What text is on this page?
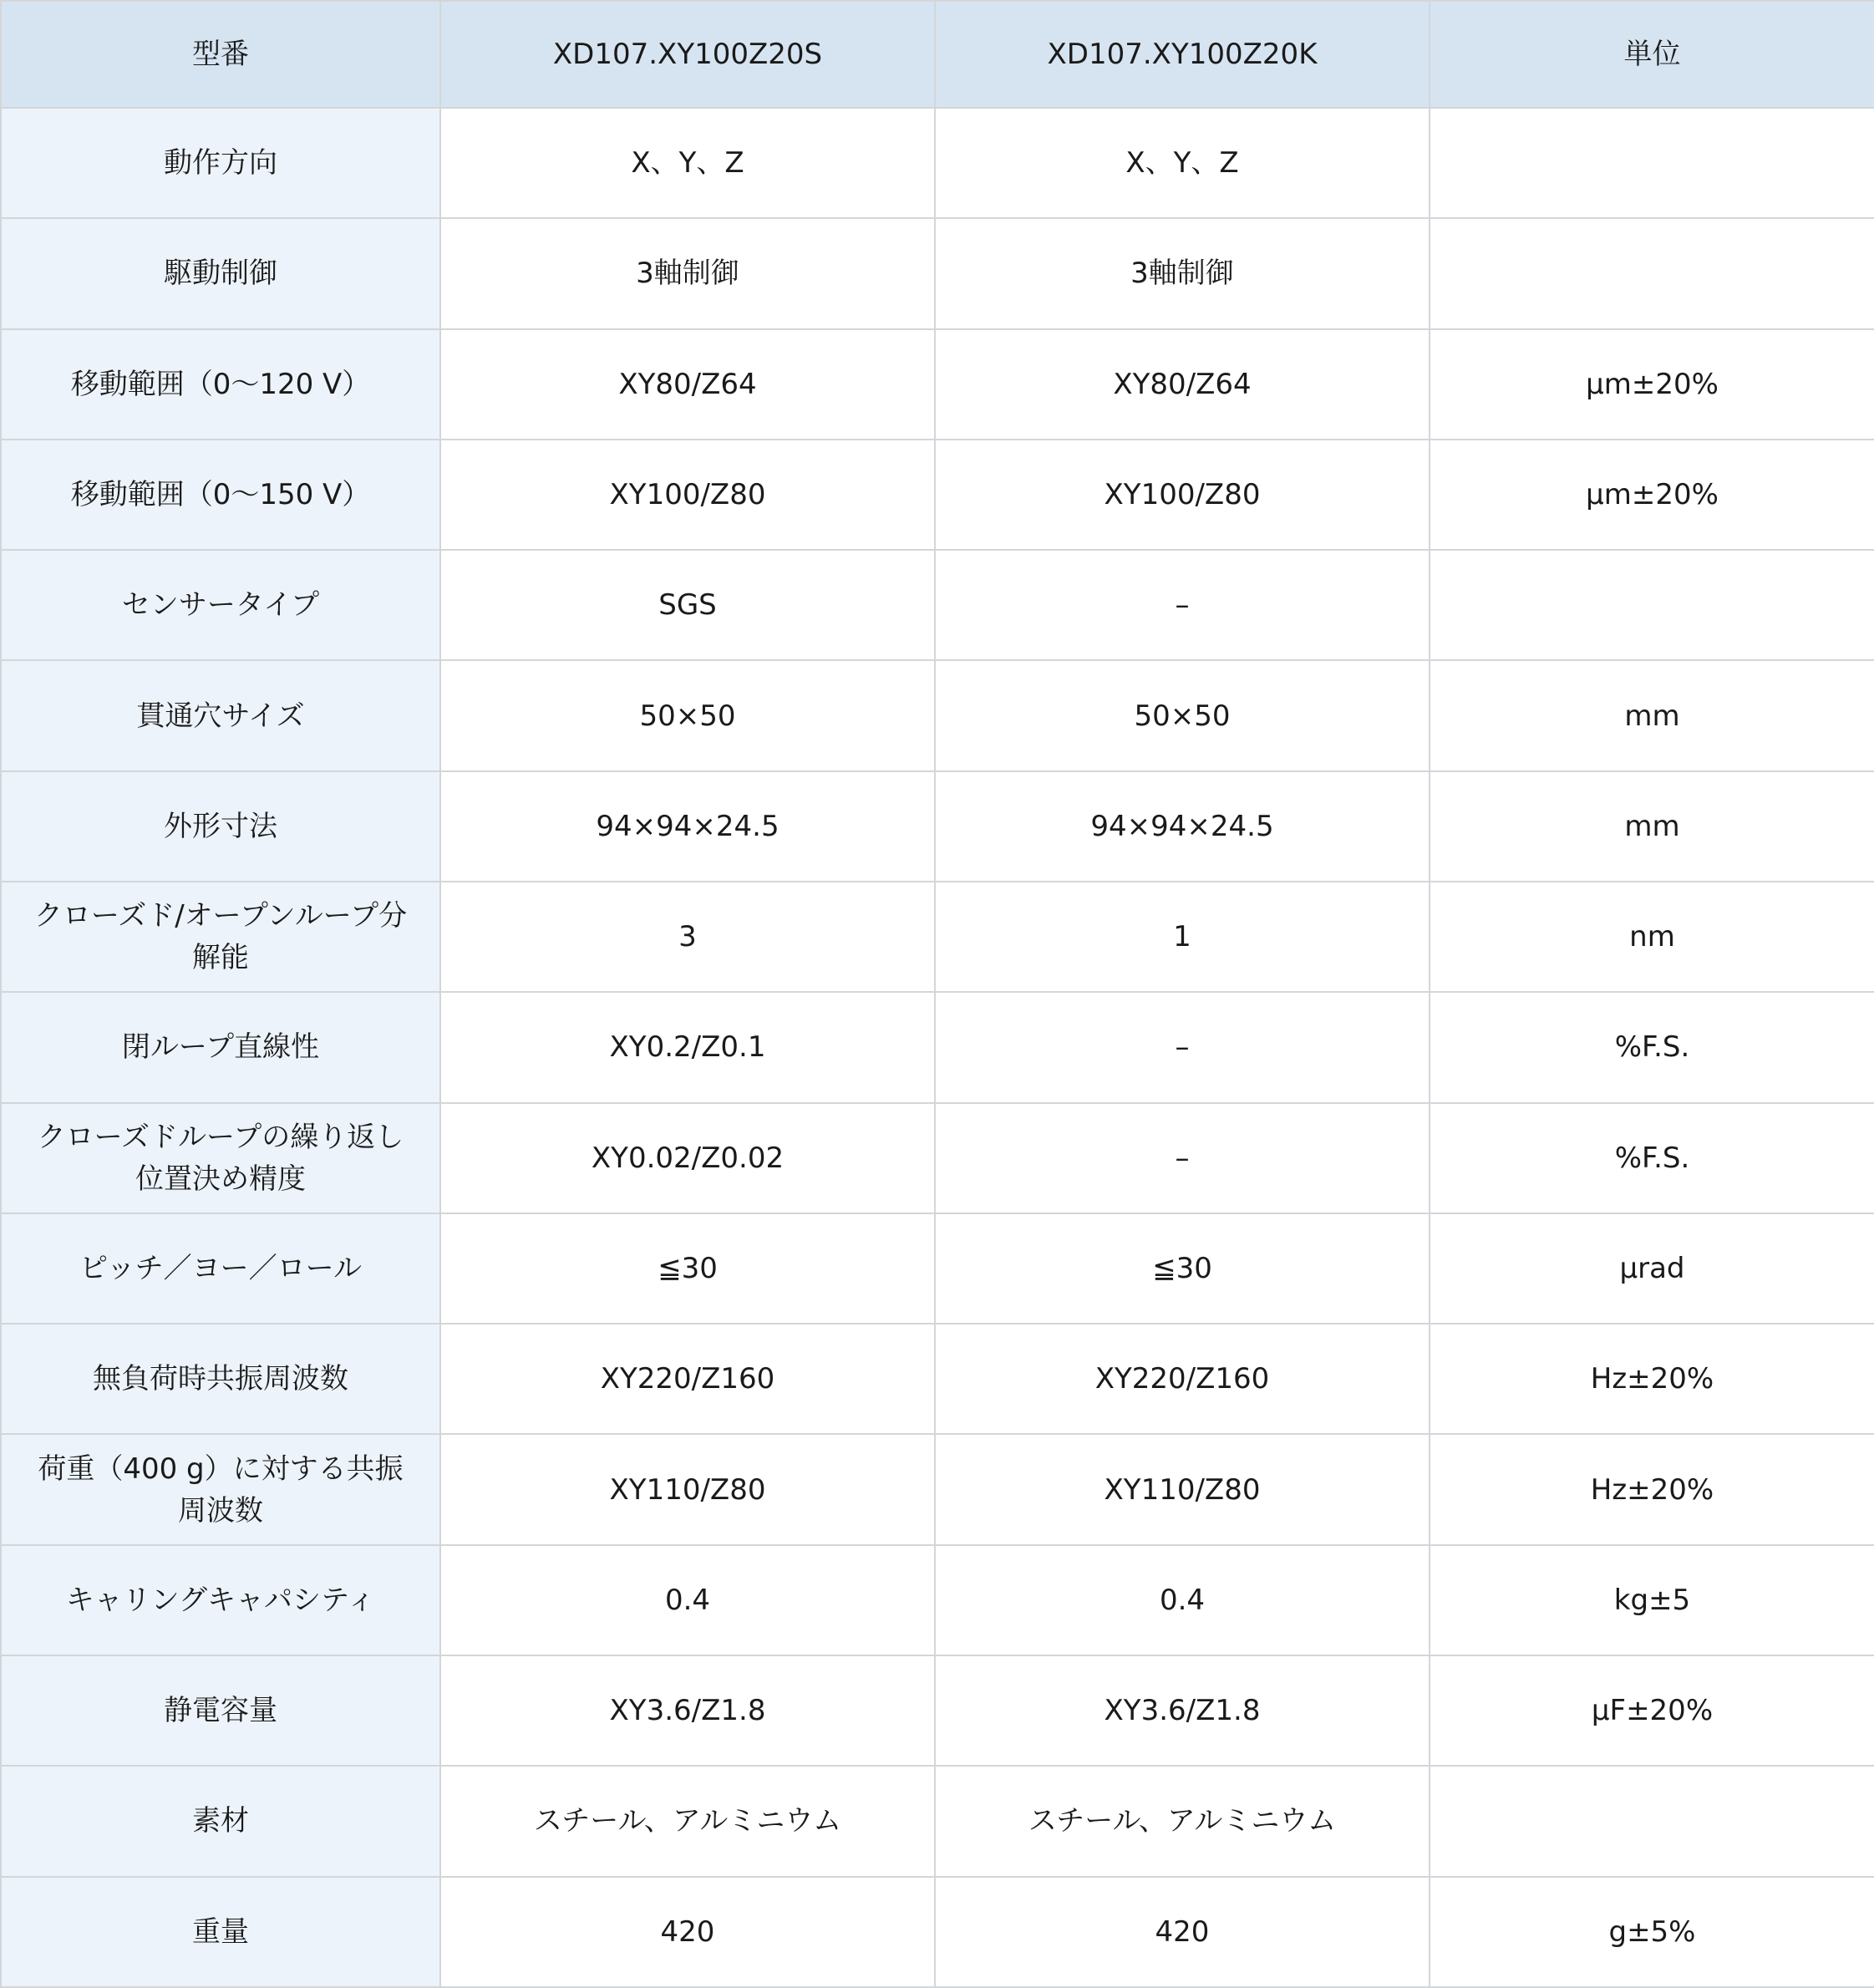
型番	XD107.XY100Z20S	XD107.XY100Z20K	単位
動作方向	X、Y、Z	X、Y、Z	
駆動制御	3軸制御	3軸制御	
移動範囲（0～120 V）	XY80/Z64	XY80/Z64	μm±20%
移動範囲（0～150 V）	XY100/Z80	XY100/Z80	μm±20%
センサータイプ	SGS	–	
貫通穴サイズ	50×50	50×50	mm
外形寸法	94×94×24.5	94×94×24.5	mm
クローズド/オープンループ分解能	3	1	nm
閉ループ直線性	XY0.2/Z0.1	–	%F.S.
クローズドループの繰り返し位置決め精度	XY0.02/Z0.02	–	%F.S.
ピッチ／ヨー／ロール	≦30	≦30	μrad
無負荷時共振周波数	XY220/Z160	XY220/Z160	Hz±20%
荷重（400 g）に対する共振周波数	XY110/Z80	XY110/Z80	Hz±20%
キャリングキャパシティ	0.4	0.4	kg±5
静電容量	XY3.6/Z1.8	XY3.6/Z1.8	μF±20%
素材	スチール、アルミニウム	スチール、アルミニウム	
重量	420	420	g±5%
